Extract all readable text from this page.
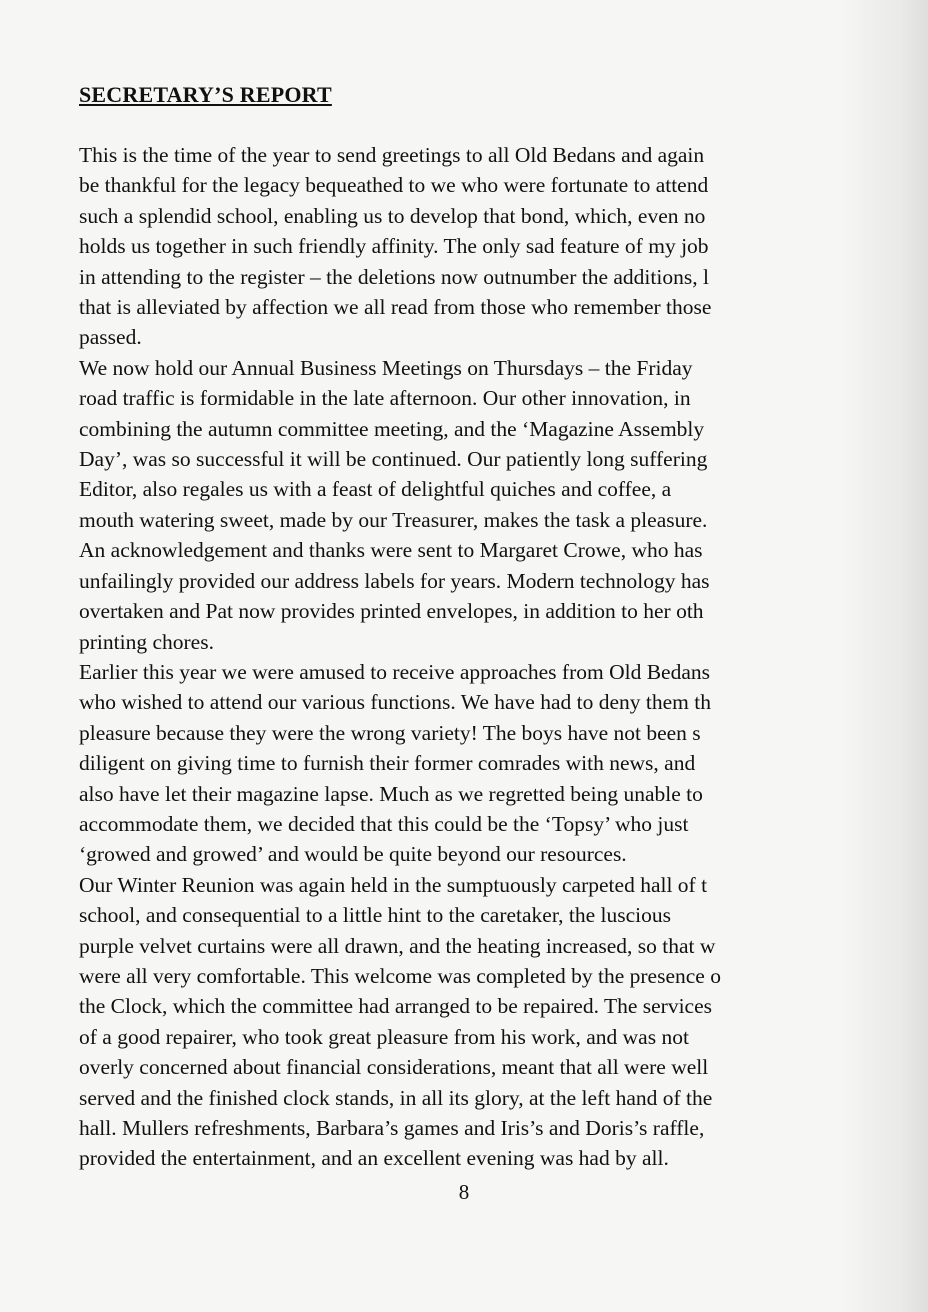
SECRETARY’S REPORT

This is the time of the year to send greetings to all Old Bedans and again
be thankful for the legacy bequeathed to we who were fortunate to attend
such a splendid school, enabling us to develop that bond, which, even no
holds us together in such friendly affinity. The only sad feature of my job
in attending to the register – the deletions now outnumber the additions, l
that is alleviated by affection we all read from those who remember those
passed.

We now hold our Annual Business Meetings on Thursdays – the Friday
road traffic is formidable in the late afternoon. Our other innovation, in
combining the autumn committee meeting, and the ‘Magazine Assembly
Day’, was so successful it will be continued. Our patiently long suffering
Editor, also regales us with a feast of delightful quiches and coffee, a
mouth watering sweet, made by our Treasurer, makes the task a pleasure.
An acknowledgement and thanks were sent to Margaret Crowe, who has
unfailingly provided our address labels for years. Modern technology has
overtaken and Pat now provides printed envelopes, in addition to her oth
printing chores.

Earlier this year we were amused to receive approaches from Old Bedans
who wished to attend our various functions. We have had to deny them th
pleasure because they were the wrong variety! The boys have not been s
diligent on giving time to furnish their former comrades with news, and
also have let their magazine lapse. Much as we regretted being unable to
accommodate them, we decided that this could be the ‘Topsy’ who just
‘growed and growed’ and would be quite beyond our resources.

Our Winter Reunion was again held in the sumptuously carpeted hall of t
school, and consequential to a little hint to the caretaker, the luscious
purple velvet curtains were all drawn, and the heating increased, so that w
were all very comfortable. This welcome was completed by the presence o
the Clock, which the committee had arranged to be repaired. The services
of a good repairer, who took great pleasure from his work, and was not
overly concerned about financial considerations, meant that all were well
served and the finished clock stands, in all its glory, at the left hand of the
hall. Mullers refreshments, Barbara’s games and Iris’s and Doris’s raffle,
provided the entertainment, and an excellent evening was had by all.

8
